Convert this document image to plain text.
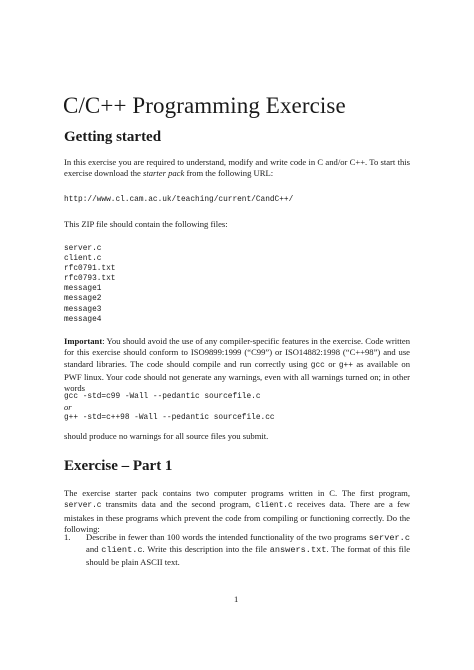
C/C++ Programming Exercise
Getting started
In this exercise you are required to understand, modify and write code in C and/or C++. To start this exercise download the starter pack from the following URL:
http://www.cl.cam.ac.uk/teaching/current/CandC++/
This ZIP file should contain the following files:
server.c
client.c
rfc0791.txt
rfc0793.txt
message1
message2
message3
message4
Important: You should avoid the use of any compiler-specific features in the exercise. Code written for this exercise should conform to ISO9899:1999 (“C99”) or ISO14882:1998 (“C++98”) and use standard libraries. The code should compile and run correctly using gcc or g++ as available on PWF linux. Your code should not generate any warnings, even with all warnings turned on; in other words
gcc -std=c99 -Wall --pedantic sourcefile.c
or
g++ -std=c++98 -Wall --pedantic sourcefile.cc
should produce no warnings for all source files you submit.
Exercise – Part 1
The exercise starter pack contains two computer programs written in C. The first program, server.c transmits data and the second program, client.c receives data. There are a few mistakes in these programs which prevent the code from compiling or functioning correctly. Do the following:
1. Describe in fewer than 100 words the intended functionality of the two programs server.c and client.c. Write this description into the file answers.txt. The format of this file should be plain ASCII text.
1
